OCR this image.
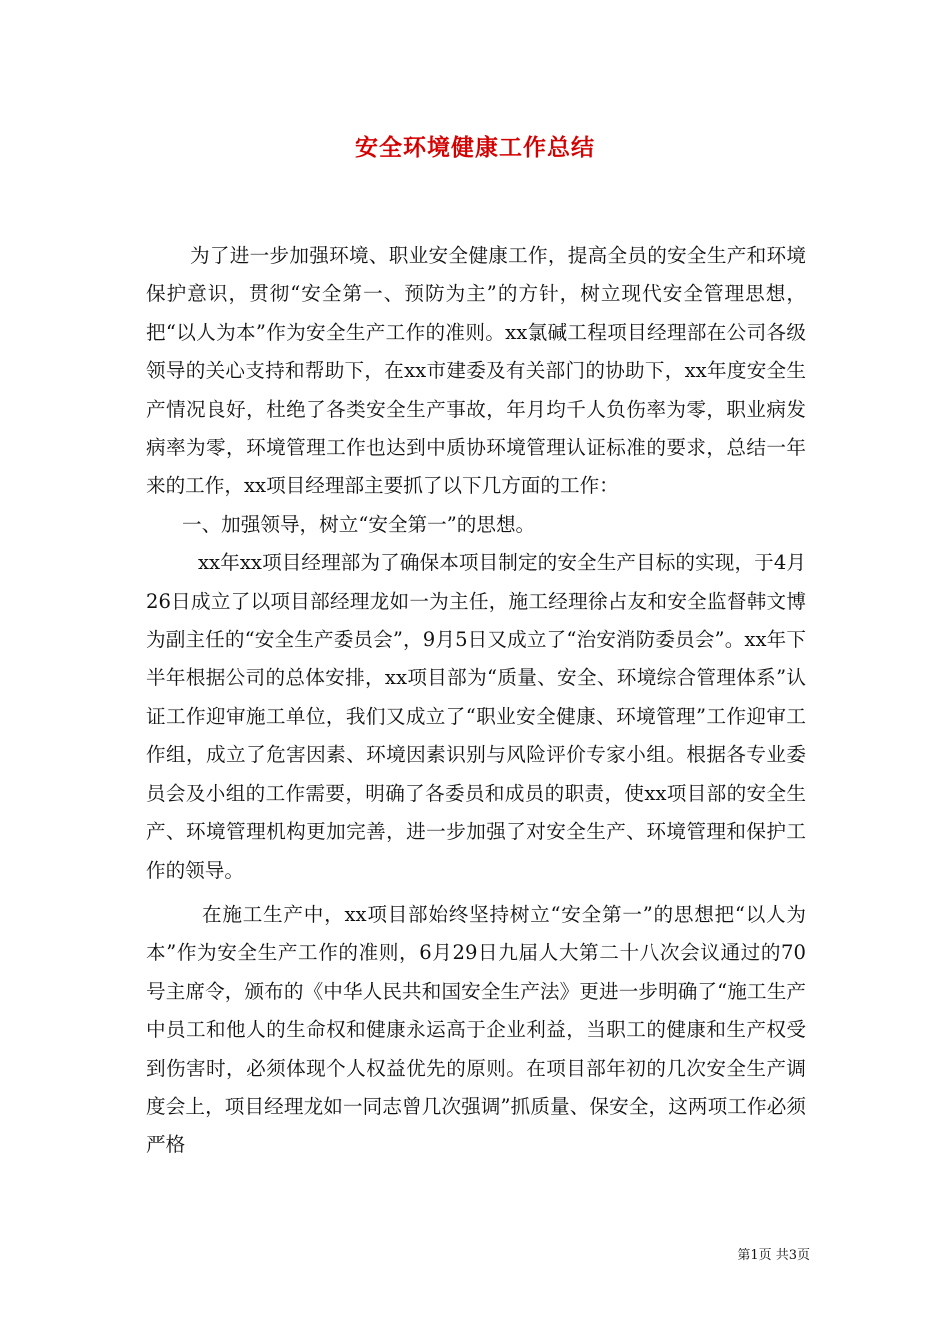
安全环境健康工作总结

为了进一步加强环境、职业安全健康工作，提高全员的安全生产和环境保护意识，贯彻“安全第一、预防为主”的方针，树立现代安全管理思想，把“以人为本”作为安全生产工作的准则。xx氯碱工程项目经理部在公司各级领导的关心支持和帮助下，在xx市建委及有关部门的协助下，xx年度安全生产情况良好，杜绝了各类安全生产事故，年月均千人负伤率为零，职业病发病率为零，环境管理工作也达到中质协环境管理认证标准的要求，总结一年来的工作，xx项目经理部主要抓了以下几方面的工作：

一、加强领导，树立“安全第一”的思想。

xx年xx项目经理部为了确保本项目制定的安全生产目标的实现，于4月26日成立了以项目部经理龙如一为主任，施工经理徐占友和安全监督韩文博为副主任的“安全生产委员会”，9月5日又成立了“治安消防委员会”。xx年下半年根据公司的总体安排，xx项目部为“质量、安全、环境综合管理体系”认证工作迎审施工单位，我们又成立了“职业安全健康、环境管理”工作迎审工作组，成立了危害因素、环境因素识别与风险评价专家小组。根据各专业委员会及小组的工作需要，明确了各委员和成员的职责，使xx项目部的安全生产、环境管理机构更加完善，进一步加强了对安全生产、环境管理和保护工作的领导。

在施工生产中，xx项目部始终坚持树立“安全第一”的思想把“以人为本”作为安全生产工作的准则，6月29日九届人大第二十八次会议通过的70号主席令，颁布的《中华人民共和国安全生产法》更进一步明确了“施工生产中员工和他人的生命权和健康永运高于企业利益，当职工的健康和生产权受到伤害时，必须体现个人权益优先的原则。在项目部年初的几次安全生产调度会上，项目经理龙如一同志曾几次强调”抓质量、保安全，这两项工作必须严格

第1页 共3页
